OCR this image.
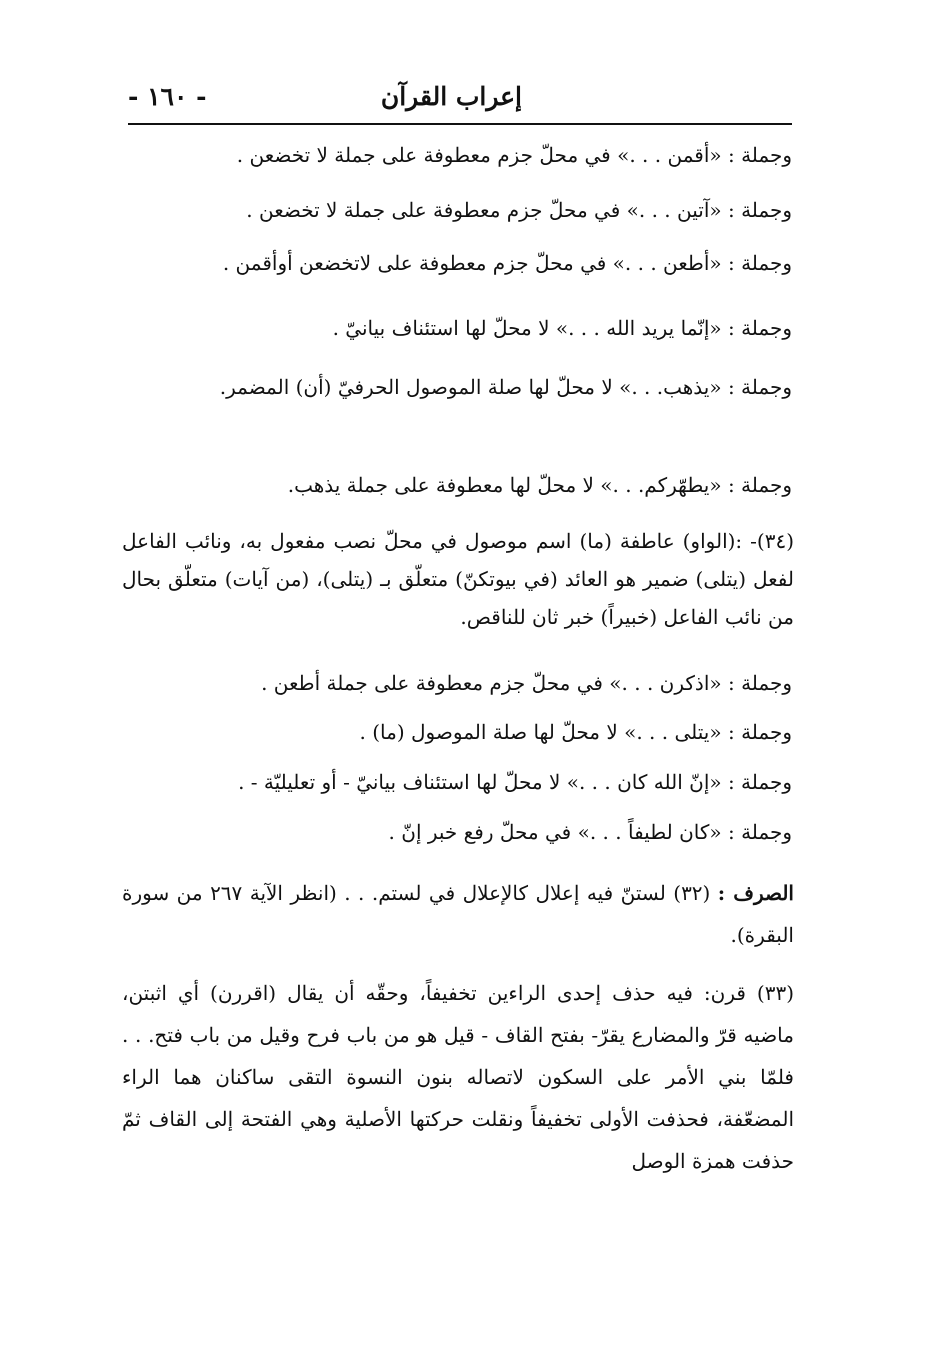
إعراب القرآن
- ١٦٠ -
وجملة : «أقمن . . .» في محلّ جزم معطوفة على جملة لا تخضعن .
وجملة : «آتين . . .» في محلّ جزم معطوفة على جملة لا تخضعن .
وجملة : «أطعن . . .» في محلّ جزم معطوفة على لاتخضعن أوأقمن .
وجملة : «إنّما يريد الله . . .» لا محلّ لها استئناف بيانيّ .
وجملة : «يذهب. . .» لا محلّ لها صلة الموصول الحرفيّ (أن) المضمر.
وجملة : «يطهّركم. . .» لا محلّ لها معطوفة على جملة يذهب.
(٣٤)- :(الواو) عاطفة (ما) اسم موصول في محلّ نصب مفعول به، ونائب الفاعل لفعل (يتلى) ضمير هو العائد (في بيوتكنّ) متعلّق بـ (يتلى)، (من آيات) متعلّق بحال من نائب الفاعل (خبيراً) خبر ثان للناقص.
وجملة : «اذكرن . . .» في محلّ جزم معطوفة على جملة أطعن .
وجملة : «يتلى . . .» لا محلّ لها صلة الموصول (ما) .
وجملة : «إنّ الله كان . . .» لا محلّ لها استئناف بيانيّ - أو تعليليّة - .
وجملة : «كان لطيفاً . . .» في محلّ رفع خبر إنّ .
الصرف : (٣٢) لستنّ فيه إعلال كالإعلال في لستم. . . (انظر الآية ٢٦٧ من سورة البقرة).
(٣٣) قرن: فيه حذف إحدى الراءين تخفيفاً، وحقّه أن يقال (اقررن) أي اثبتن، ماضيه قرّ والمضارع يقرّ- بفتح القاف - قيل هو من باب فرح وقيل من باب فتح. . . فلمّا بني الأمر على السكون لاتصاله بنون النسوة التقى ساكنان هما الراء المضعّفة، فحذفت الأولى تخفيفاً ونقلت حركتها الأصلية وهي الفتحة إلى القاف ثمّ حذفت همزة الوصل
